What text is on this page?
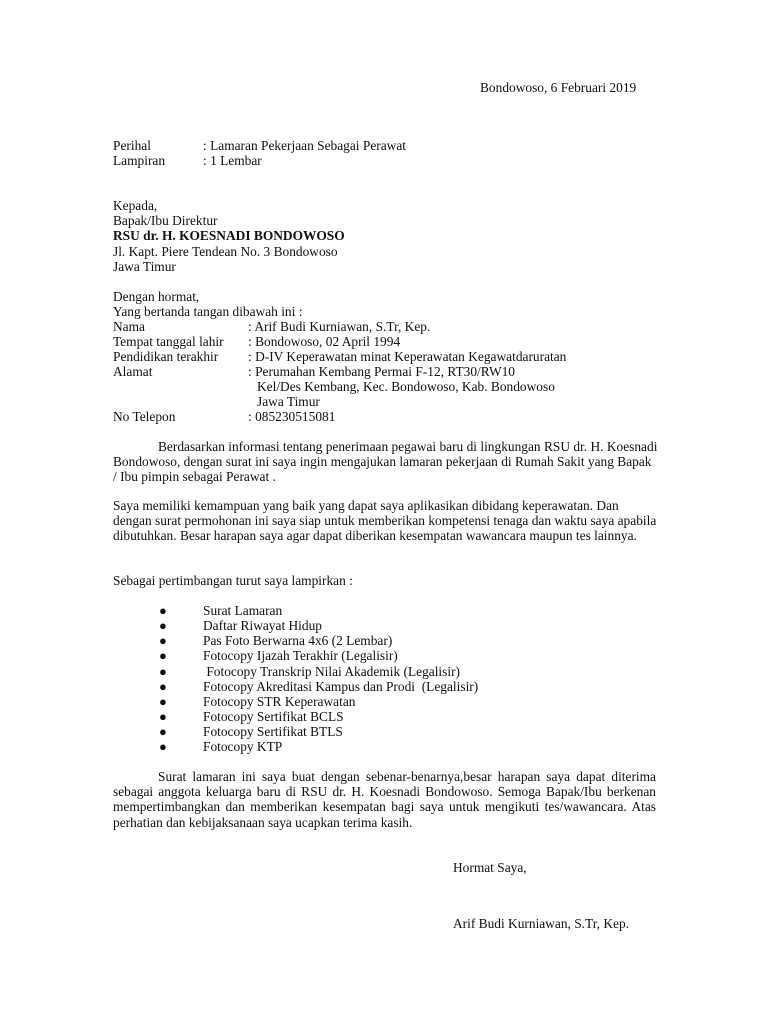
Bondowoso, 6 Februari 2019
Perihal	: Lamaran Pekerjaan Sebagai Perawat
Lampiran	: 1 Lembar
Kepada,
Bapak/Ibu Direktur
RSU dr. H. KOESNADI BONDOWOSO
Jl. Kapt. Piere Tendean No. 3 Bondowoso
Jawa Timur
Dengan hormat,
Yang bertanda tangan dibawah ini :
Nama	: Arif Budi Kurniawan, S.Tr, Kep.
Tempat tanggal lahir : Bondowoso, 02 April 1994
Pendidikan terakhir : D-IV Keperawatan minat Keperawatan Kegawatdaruratan
Alamat	: Perumahan Kembang Permai F-12, RT30/RW10
Kel/Des Kembang, Kec. Bondowoso, Kab. Bondowoso
Jawa Timur
No Telepon	: 085230515081
Berdasarkan informasi tentang penerimaan pegawai baru di lingkungan RSU dr. H. Koesnadi Bondowoso, dengan surat ini saya ingin mengajukan lamaran pekerjaan di Rumah Sakit yang Bapak / Ibu pimpin sebagai Perawat .
Saya memiliki kemampuan yang baik yang dapat saya aplikasikan dibidang keperawatan. Dan dengan surat permohonan ini saya siap untuk memberikan kompetensi tenaga dan waktu saya apabila dibutuhkan. Besar harapan saya agar dapat diberikan kesempatan wawancara maupun tes lainnya.
Sebagai pertimbangan turut saya lampirkan :
●	Surat Lamaran
●	Daftar Riwayat Hidup
●	Pas Foto Berwarna 4x6 (2 Lembar)
●	Fotocopy Ijazah Terakhir (Legalisir)
●	Fotocopy Transkrip Nilai Akademik (Legalisir)
●	Fotocopy Akreditasi Kampus dan Prodi  (Legalisir)
●	Fotocopy STR Keperawatan
●	Fotocopy Sertifikat BCLS
●	Fotocopy Sertifikat BTLS
●	Fotocopy KTP
Surat lamaran ini saya buat dengan sebenar-benarnya,besar harapan saya dapat diterima sebagai anggota keluarga baru di RSU dr. H. Koesnadi Bondowoso. Semoga Bapak/Ibu berkenan mempertimbangkan dan memberikan kesempatan bagi saya untuk mengikuti tes/wawancara. Atas perhatian dan kebijaksanaan saya ucapkan terima kasih.
Hormat Saya,
Arif Budi Kurniawan, S.Tr, Kep.
